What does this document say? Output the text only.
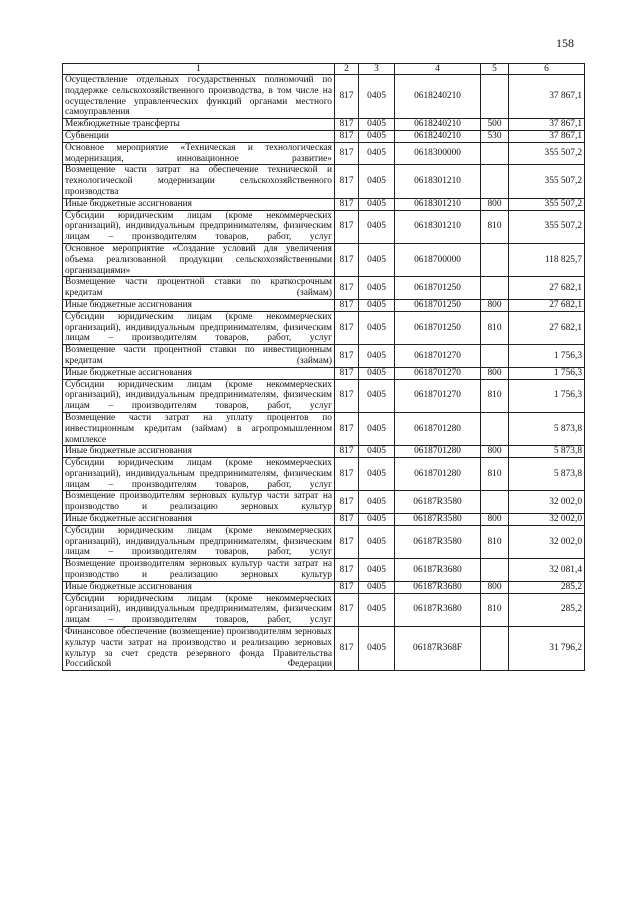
158
1	2	3	4	5	6
Осуществление отдельных государственных полномочий по поддержке сельскохозяйственного производства, в том числе на осуществление управленческих функций органами местного самоуправления	817	0405	0618240210		37 867,1
Межбюджетные трансферты	817	0405	0618240210	500	37 867,1
Субвенции	817	0405	0618240210	530	37 867,1
Основное мероприятие «Техническая и технологическая модернизация, инновационное развитие»	817	0405	0618300000		355 507,2
Возмещение части затрат на обеспечение технической и технологической модернизации сельскохозяйственного производства	817	0405	0618301210		355 507,2
Иные бюджетные ассигнования	817	0405	0618301210	800	355 507,2
Субсидии юридическим лицам (кроме некоммерческих организаций), индивидуальным предпринимателям, физическим лицам – производителям товаров, работ, услуг	817	0405	0618301210	810	355 507,2
Основное мероприятие «Создание условий для увеличения объема реализованной продукции сельскохозяйственными организациями»	817	0405	0618700000		118 825,7
Возмещение части процентной ставки по краткосрочным кредитам (займам)	817	0405	0618701250		27 682,1
Иные бюджетные ассигнования	817	0405	0618701250	800	27 682,1
Субсидии юридическим лицам (кроме некоммерческих организаций), индивидуальным предпринимателям, физическим лицам – производителям товаров, работ, услуг	817	0405	0618701250	810	27 682,1
Возмещение части процентной ставки по инвестиционным кредитам (займам)	817	0405	0618701270		1 756,3
Иные бюджетные ассигнования	817	0405	0618701270	800	1 756,3
Субсидии юридическим лицам (кроме некоммерческих организаций), индивидуальным предпринимателям, физическим лицам – производителям товаров, работ, услуг	817	0405	0618701270	810	1 756,3
Возмещение части затрат на уплату процентов по инвестиционным кредитам (займам) в агропромышленном комплексе	817	0405	0618701280		5 873,8
Иные бюджетные ассигнования	817	0405	0618701280	800	5 873,8
Субсидии юридическим лицам (кроме некоммерческих организаций), индивидуальным предпринимателям, физическим лицам – производителям товаров, работ, услуг	817	0405	0618701280	810	5 873,8
Возмещение производителям зерновых культур части затрат на производство и реализацию зерновых культур	817	0405	06187R3580		32 002,0
Иные бюджетные ассигнования	817	0405	06187R3580	800	32 002,0
Субсидии юридическим лицам (кроме некоммерческих организаций), индивидуальным предпринимателям, физическим лицам – производителям товаров, работ, услуг	817	0405	06187R3580	810	32 002,0
Возмещение производителям зерновых культур части затрат на производство и реализацию зерновых культур	817	0405	06187R3680		32 081,4
Иные бюджетные ассигнования	817	0405	06187R3680	800	285,2
Субсидии юридическим лицам (кроме некоммерческих организаций), индивидуальным предпринимателям, физическим лицам – производителям товаров, работ, услуг	817	0405	06187R3680	810	285,2
Финансовое обеспечение (возмещение) производителям зерновых культур части затрат на производство и реализацию зерновых культур за счет средств резервного фонда Правительства Российской Федерации	817	0405	06187R368F		31 796,2
